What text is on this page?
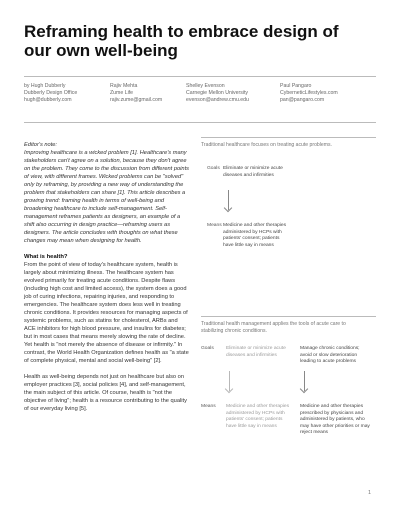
Reframing health to embrace design of our own well-being
by Hugh Dubberly
Dubberly Design Office
hugh@dubberly.com
Rajiv Mehta
Zume Life
rajiv.zume@gmail.com
Shelley Evenson
Carnegie Mellon University
evenson@andrew.cmu.edu
Paul Pangaro
CyberneticLifestyles.com
pan@pangaro.com
Editor's note:
Improving healthcare is a wicked problem [1]. Healthcare's many stakeholders can't agree on a solution, because they don't agree on the problem. They come to the discussion from different points of view, with different frames. Wicked problems can be "solved" only by reframing, by providing a new way of understanding the problem that stakeholders can share [1]. This article describes a growing trend: framing health in terms of well-being and broadening healthcare to include self-management. Self-management reframes patients as designers, an example of a shift also occurring in design practice—reframing users as designers. The article concludes with thoughts on what these changes may mean when designing for health.
What is health?

From the point of view of today's healthcare system, health is largely about minimizing illness. The healthcare system has evolved primarily for treating acute conditions. Despite flaws (including high cost and limited access), the system does a good job of curing infections, repairing injuries, and responding to emergencies. The healthcare system does less well in treating chronic conditions. It provides resources for managing aspects of systemic problems, such as statins for cholesterol, ARBs and ACE inhibitors for high blood pressure, and insulins for diabetes; but in most cases that means merely slowing the rate of decline. Yet health is "not merely the absence of disease or infirmity." In contrast, the World Health Organization defines health as "a state of complete physical, mental and social well-being" [2].

Health as well-being depends not just on healthcare but also on employer practices [3], social policies [4], and self-management, the main subject of this article. Of course, health is "not the objective of living"; health is a resource contributing to the quality of our everyday living [5].

Traditional healthcare focuses on treating acute problems.
Goals Eliminate or minimize acute diseases and infirmities
Means Medicine and other therapies administered by HCPs with patients' consent; patients have little say in means
Traditional health management applies the tools of acute care to stabilizing chronic conditions.
Goals Eliminate or minimize acute diseases and infirmities
Manage chronic conditions; avoid or slow deterioration leading to acute problems
Means Medicine and other therapies administered by HCPs with patients' consent; patients have little say in means
Medicine and other therapies prescribed by physicians and administered by patients, who may have other priorities or may reject means
1
